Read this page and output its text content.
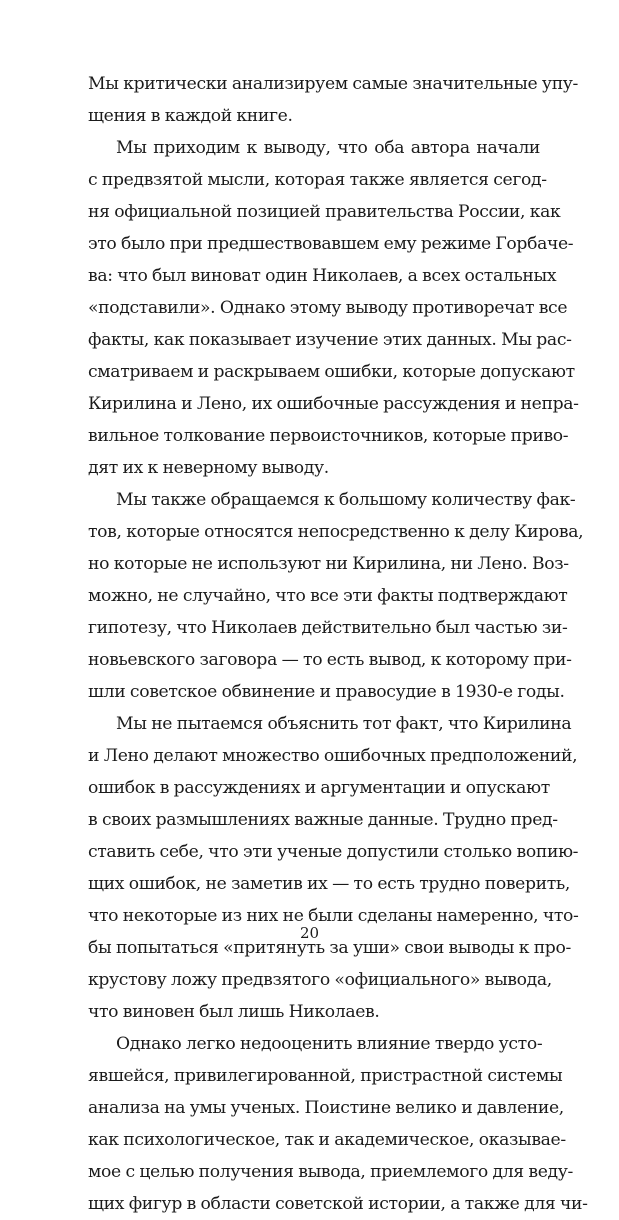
Мы критически анализируем самые значительные упу-
щения в каждой книге.
Мы приходим к выводу, что оба автора начали
с предвзятой мысли, которая также является сегод-
ня официальной позицией правительства России, как
это было при предшествовавшем ему режиме Горбаче-
ва: что был виноват один Николаев, а всех остальных
«подставили». Однако этому выводу противоречат все
факты, как показывает изучение этих данных. Мы рас-
сматриваем и раскрываем ошибки, которые допускают
Кирилина и Лено, их ошибочные рассуждения и непра-
вильное толкование первоисточников, которые приво-
дят их к неверному выводу.
Мы также обращаемся к большому количеству фак-
тов, которые относятся непосредственно к делу Кирова,
но которые не используют ни Кирилина, ни Лено. Воз-
можно, не случайно, что все эти факты подтверждают
гипотезу, что Николаев действительно был частью зи-
новьевского заговора — то есть вывод, к которому при-
шли советское обвинение и правосудие в 1930-е годы.
Мы не пытаемся объяснить тот факт, что Кирилина
и Лено делают множество ошибочных предположений,
ошибок в рассуждениях и аргументации и опускают
в своих размышлениях важные данные. Трудно пред-
ставить себе, что эти ученые допустили столько вопию-
щих ошибок, не заметив их — то есть трудно поверить,
что некоторые из них не были сделаны намеренно, что-
бы попытаться «притянуть за уши» свои выводы к про-
крустову ложу предвзятого «официального» вывода,
что виновен был лишь Николаев.
Однако легко недооценить влияние твердо усто-
явшейся, привилегированной, пристрастной системы
анализа на умы ученых. Поистине велико и давление,
как психологическое, так и академическое, оказывае-
мое с целью получения вывода, приемлемого для веду-
щих фигур в области советской истории, а также для чи-
20
